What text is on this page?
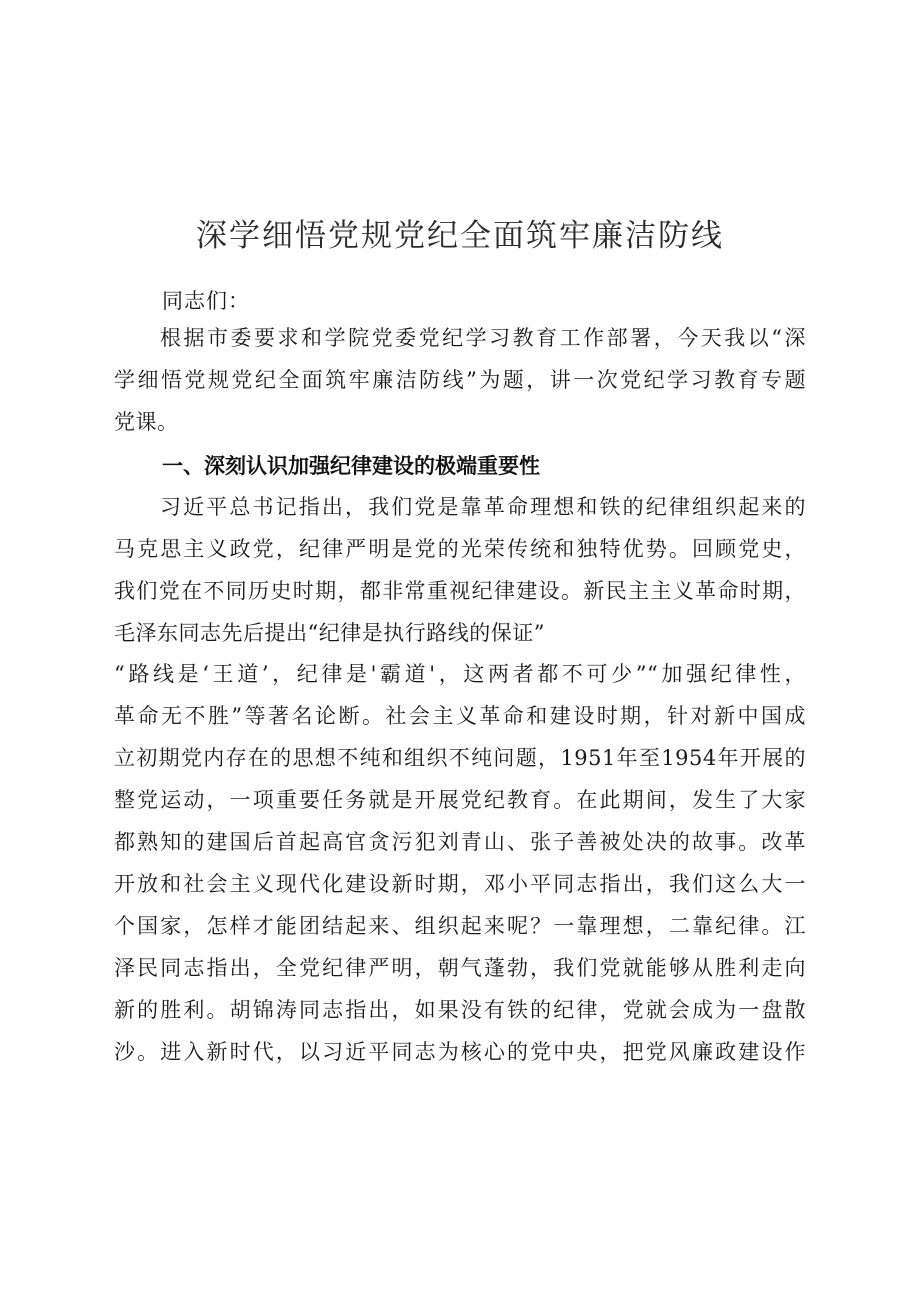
深学细悟党规党纪全面筑牢廉洁防线
同志们：
根据市委要求和学院党委党纪学习教育工作部署，今天我以“深
学细悟党规党纪全面筑牢廉洁防线”为题，讲一次党纪学习教育专题
党课。
一、深刻认识加强纪律建设的极端重要性
习近平总书记指出，我们党是靠革命理想和铁的纪律组织起来的
马克思主义政党，纪律严明是党的光荣传统和独特优势。回顾党史，
我们党在不同历史时期，都非常重视纪律建设。新民主主义革命时期，
毛泽东同志先后提出“纪律是执行路线的保证”
“路线是‘王道’，纪律是'霸道'，这两者都不可少”“加强纪律性，
革命无不胜”等著名论断。社会主义革命和建设时期，针对新中国成
立初期党内存在的思想不纯和组织不纯问题，1951年至1954年开展的
整党运动，一项重要任务就是开展党纪教育。在此期间，发生了大家
都熟知的建国后首起高官贪污犯刘青山、张子善被处决的故事。改革
开放和社会主义现代化建设新时期，邓小平同志指出，我们这么大一
个国家，怎样才能团结起来、组织起来呢？一靠理想，二靠纪律。江
泽民同志指出，全党纪律严明，朝气蓬勃，我们党就能够从胜利走向
新的胜利。胡锦涛同志指出，如果没有铁的纪律，党就会成为一盘散
沙。进入新时代，以习近平同志为核心的党中央，把党风廉政建设作
